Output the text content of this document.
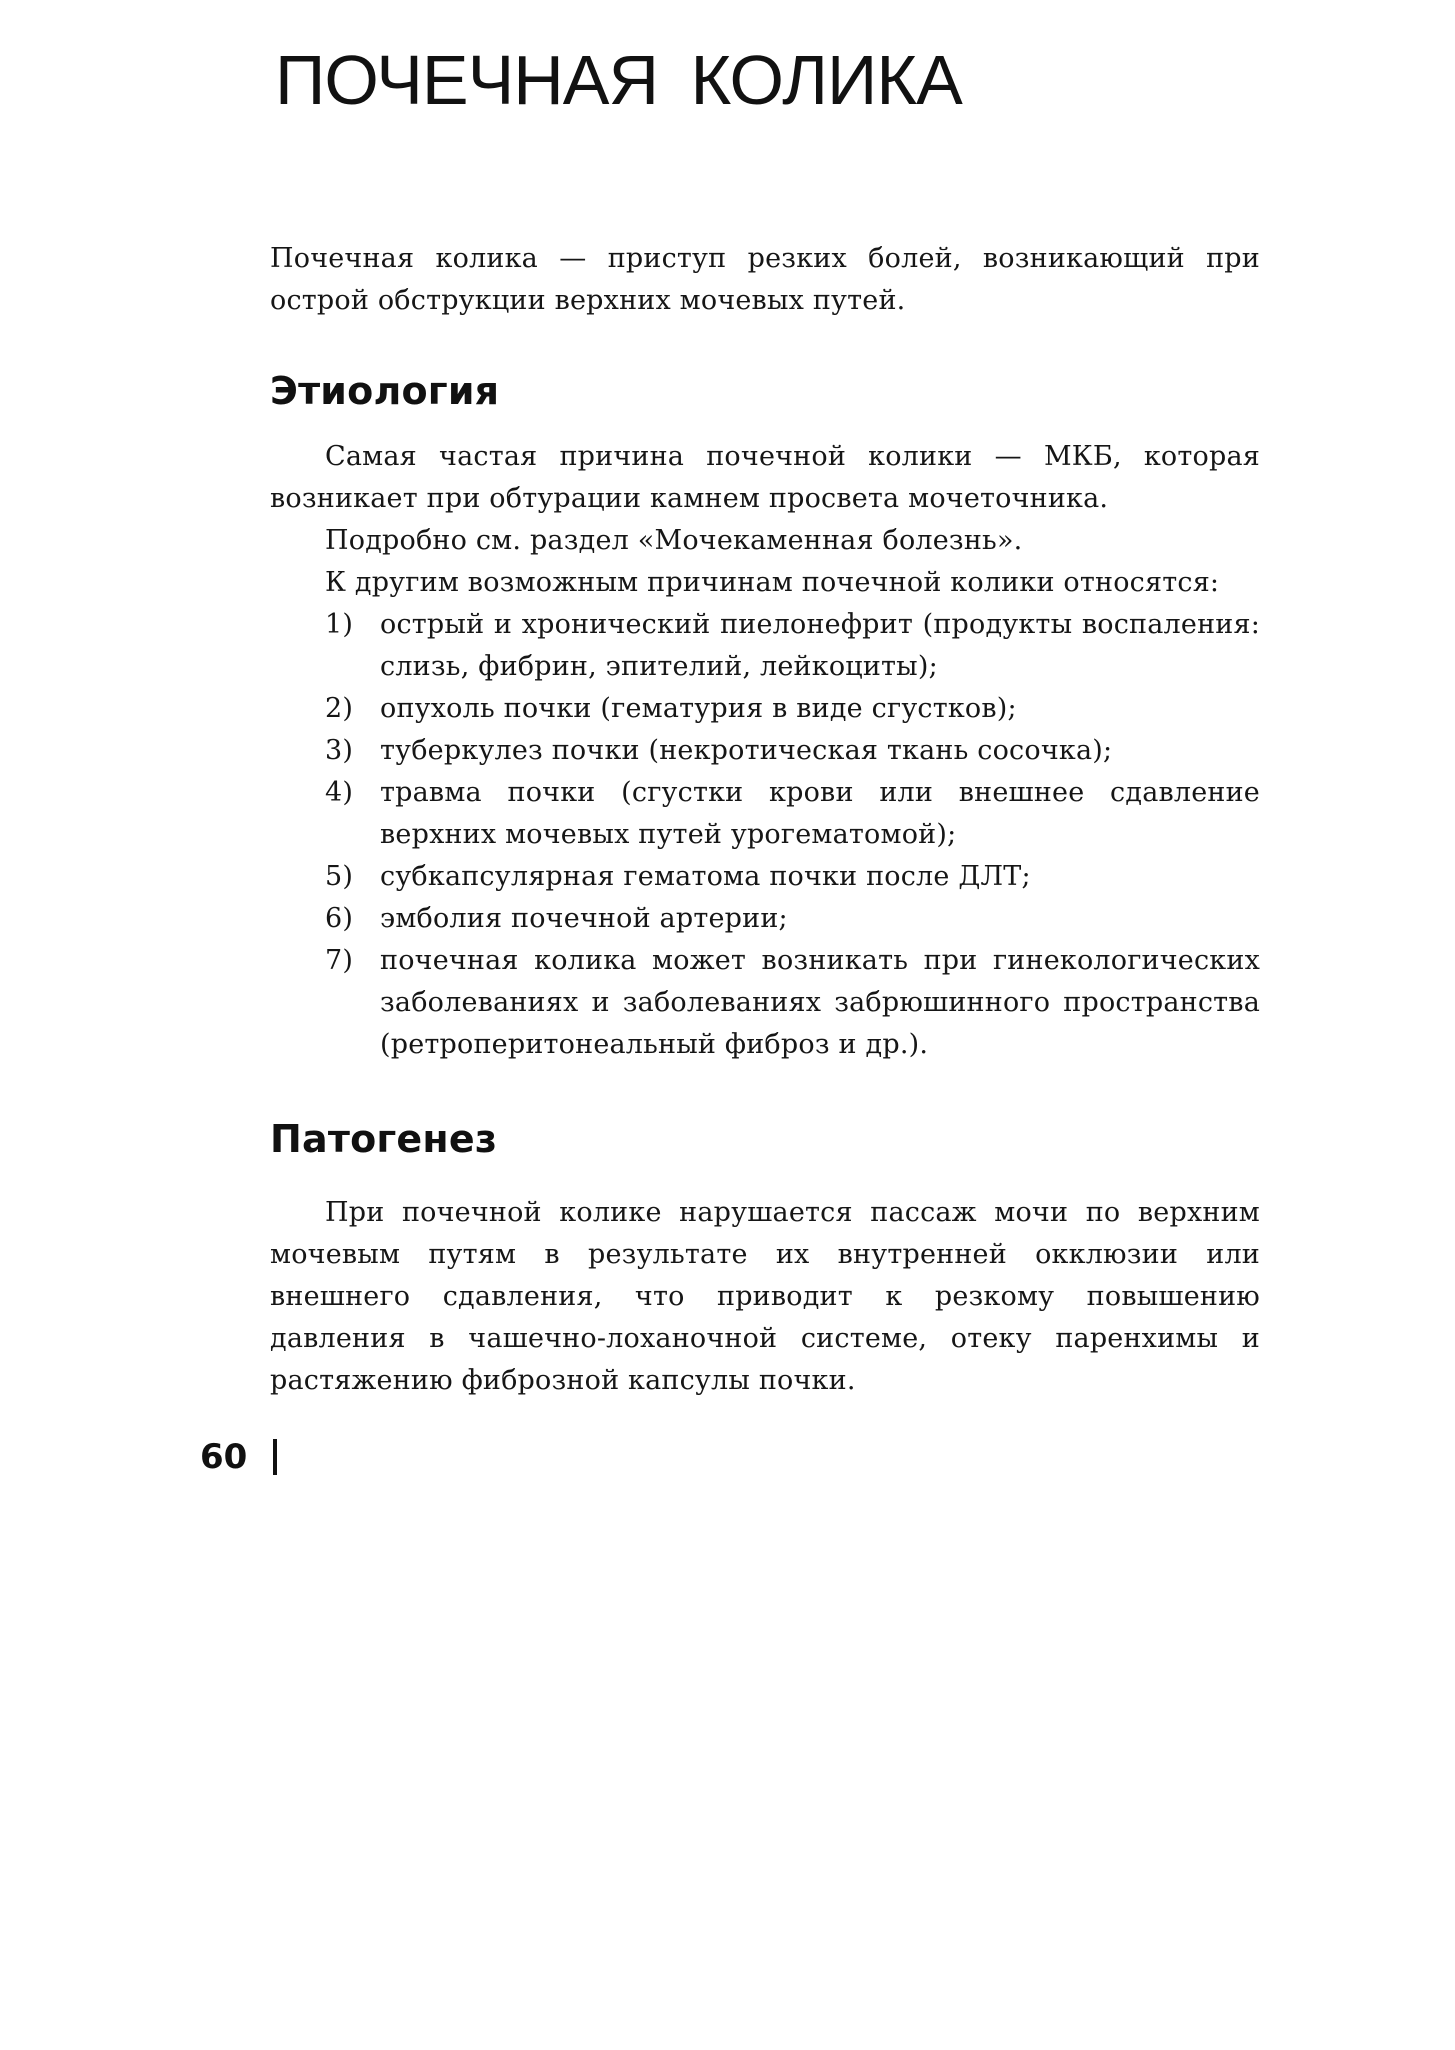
ПОЧЕЧНАЯ КОЛИКА

Почечная колика — приступ резких болей, возникающий при острой обструкции верхних мочевых путей.

Этиология

Самая частая причина почечной колики — МКБ, которая возникает при обтурации камнем просвета мочеточника.

Подробно см. раздел «Мочекаменная болезнь».

К другим возможным причинам почечной колики относятся:

1) острый и хронический пиелонефрит (продукты воспаления: слизь, фибрин, эпителий, лейкоциты);
2) опухоль почки (гематурия в виде сгустков);
3) туберкулез почки (некротическая ткань сосочка);
4) травма почки (сгустки крови или внешнее сдавление верхних мочевых путей урогематомой);
5) субкапсулярная гематома почки после ДЛТ;
6) эмболия почечной артерии;
7) почечная колика может возникать при гинекологических заболеваниях и заболеваниях забрюшинного пространства (ретроперитонеальный фиброз и др.).
Патогенез

При почечной колике нарушается пассаж мочи по верхним мочевым путям в результате их внутренней окклюзии или внешнего сдавления, что приводит к резкому повышению давления в чашечно-лоханочной системе, отеку паренхимы и растяжению фиброзной капсулы почки.

60
